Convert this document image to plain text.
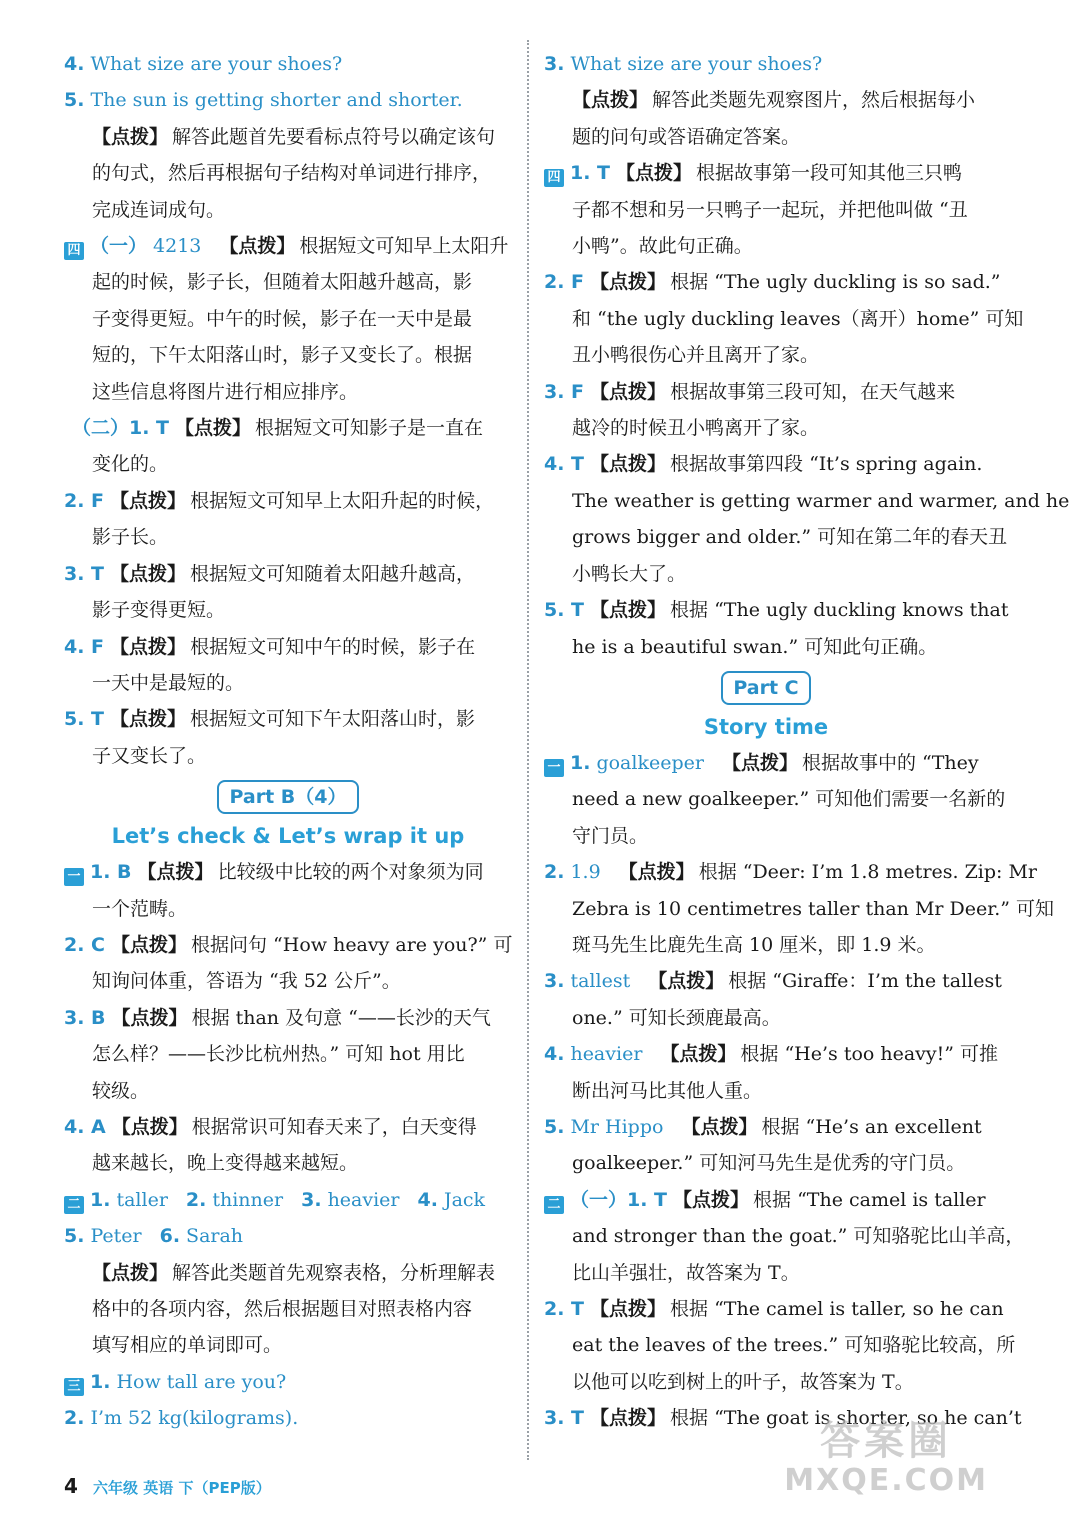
4. What size are your shoes?
5. The sun is getting shorter and shorter.
【点拨】 解答此题首先要看标点符号以确定该句
的句式，然后再根据句子结构对单词进行排序，
完成连词成句。
四 （一） 4213 【点拨】 根据短文可知早上太阳升
起的时候，影子长，但随着太阳越升越高，影
子变得更短。中午的时候，影子在一天中是最
短的，下午太阳落山时，影子又变长了。根据
这些信息将图片进行相应排序。
（二）1. T 【点拨】 根据短文可知影子是一直在
变化的。
2. F 【点拨】 根据短文可知早上太阳升起的时候，
影子长。
3. T 【点拨】 根据短文可知随着太阳越升越高，
影子变得更短。
4. F 【点拨】 根据短文可知中午的时候，影子在
一天中是最短的。
5. T 【点拨】 根据短文可知下午太阳落山时，影
子又变长了。
Part B（4）
Let’s check & Let’s wrap it up
一 1. B 【点拨】 比较级中比较的两个对象须为同
一个范畴。
2. C 【点拨】 根据问句 “How heavy are you?” 可
知询问体重，答语为 “我 52 公斤”。
3. B 【点拨】 根据 than 及句意 “——长沙的天气
怎么样？——长沙比杭州热。” 可知 hot 用比
较级。
4. A 【点拨】 根据常识可知春天来了，白天变得
越来越长，晚上变得越来越短。
二 1. taller 2. thinner 3. heavier 4. Jack
5. Peter 6. Sarah
【点拨】 解答此类题首先观察表格，分析理解表
格中的各项内容，然后根据题目对照表格内容
填写相应的单词即可。
三 1. How tall are you?
2. I’m 52 kg(kilograms).
3. What size are your shoes?
【点拨】 解答此类题先观察图片，然后根据每小
题的问句或答语确定答案。
四 1. T 【点拨】 根据故事第一段可知其他三只鸭
子都不想和另一只鸭子一起玩，并把他叫做 “丑
小鸭”。故此句正确。
2. F 【点拨】 根据 “The ugly duckling is so sad.”
和 “the ugly duckling leaves（离开）home” 可知
丑小鸭很伤心并且离开了家。
3. F 【点拨】 根据故事第三段可知，在天气越来
越冷的时候丑小鸭离开了家。
4. T 【点拨】 根据故事第四段 “It’s spring again.
The weather is getting warmer and warmer, and he
grows bigger and older.” 可知在第二年的春天丑
小鸭长大了。
5. T 【点拨】 根据 “The ugly duckling knows that
he is a beautiful swan.” 可知此句正确。
Part C
Story time
一 1. goalkeeper 【点拨】 根据故事中的 “They
need a new goalkeeper.” 可知他们需要一名新的
守门员。
2. 1.9 【点拨】 根据 “Deer: I’m 1.8 metres. Zip: Mr
Zebra is 10 centimetres taller than Mr Deer.” 可知
斑马先生比鹿先生高 10 厘米，即 1.9 米。
3. tallest 【点拨】 根据 “Giraffe：I’m the tallest
one.” 可知长颈鹿最高。
4. heavier 【点拨】 根据 “He’s too heavy!” 可推
断出河马比其他人重。
5. Mr Hippo 【点拨】 根据 “He’s an excellent
goalkeeper.” 可知河马先生是优秀的守门员。
二 （一）1. T 【点拨】 根据 “The camel is taller
and stronger than the goat.” 可知骆驼比山羊高，
比山羊强壮，故答案为 T。
2. T 【点拨】 根据 “The camel is taller, so he can
eat the leaves of the trees.” 可知骆驼比较高，所
以他可以吃到树上的叶子，故答案为 T。
3. T 【点拨】 根据 “The goat is shorter, so he can’t
4 六年级 英语 下（PEP版）
答案圈
MXQE.COM
